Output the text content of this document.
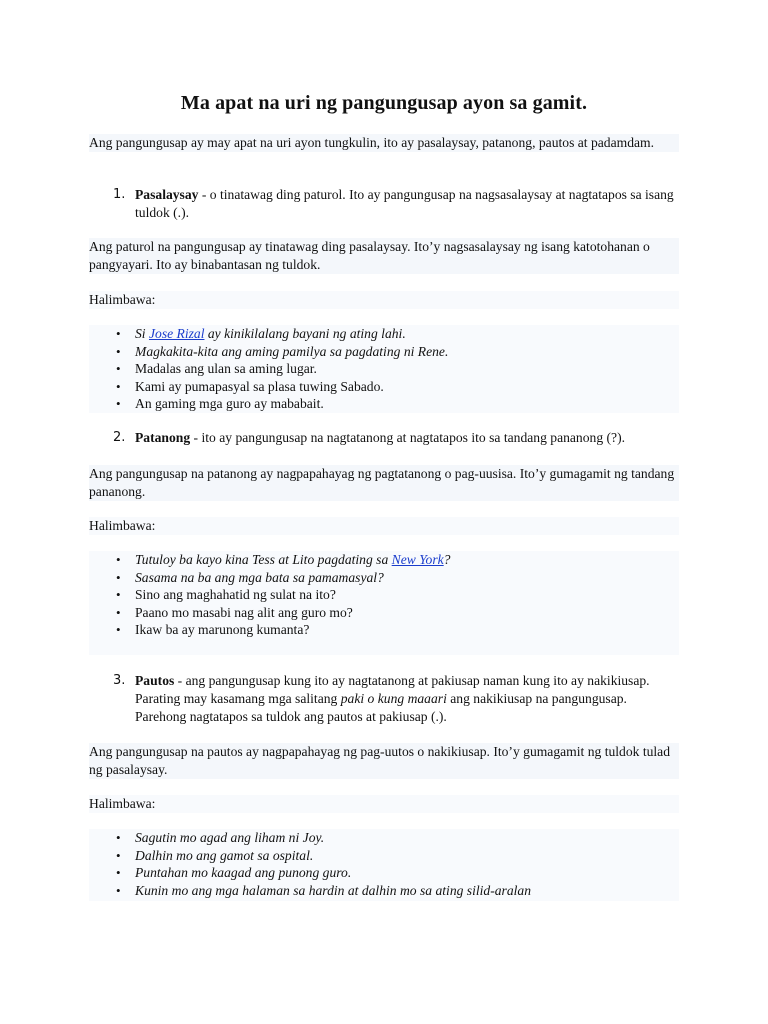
Ma apat na uri ng pangungusap ayon sa gamit.

Ang pangungusap ay may apat na uri ayon tungkulin, ito ay pasalaysay, patanong, pautos at padamdam.

1. Pasalaysay - o tinatawag ding paturol. Ito ay pangungusap na nagsasalaysay at nagtatapos sa isang tuldok (.).

Ang paturol na pangungusap ay tinatawag ding pasalaysay. Ito’y nagsasalaysay ng isang katotohanan o pangyayari. Ito ay binabantasan ng tuldok.

Halimbawa:

• Si Jose Rizal ay kinikilalang bayani ng ating lahi.
• Magkakita-kita ang aming pamilya sa pagdating ni Rene.
• Madalas ang ulan sa aming lugar.
• Kami ay pumapasyal sa plasa tuwing Sabado.
• An gaming mga guro ay mababait.
2. Patanong - ito ay pangungusap na nagtatanong at nagtatapos ito sa tandang pananong (?).

Ang pangungusap na patanong ay nagpapahayag ng pagtatanong o pag-uusisa. Ito’y gumagamit ng tandang pananong.

Halimbawa:

• Tutuloy ba kayo kina Tess at Lito pagdating sa New York?
• Sasama na ba ang mga bata sa pamamasyal?
• Sino ang maghahatid ng sulat na ito?
• Paano mo masabi nag alit ang guro mo?
• Ikaw ba ay marunong kumanta?
3. Pautos - ang pangungusap kung ito ay nagtatanong at pakiusap naman kung ito ay nakikiusap. Parating may kasamang mga salitang paki o kung maaari ang nakikiusap na pangungusap. Parehong nagtatapos sa tuldok ang pautos at pakiusap (.).

Ang pangungusap na pautos ay nagpapahayag ng pag-uutos o nakikiusap. Ito’y gumagamit ng tuldok tulad ng pasalaysay.

Halimbawa:

• Sagutin mo agad ang liham ni Joy.
• Dalhin mo ang gamot sa ospital.
• Puntahan mo kaagad ang punong guro.
• Kunin mo ang mga halaman sa hardin at dalhin mo sa ating silid-aralan
